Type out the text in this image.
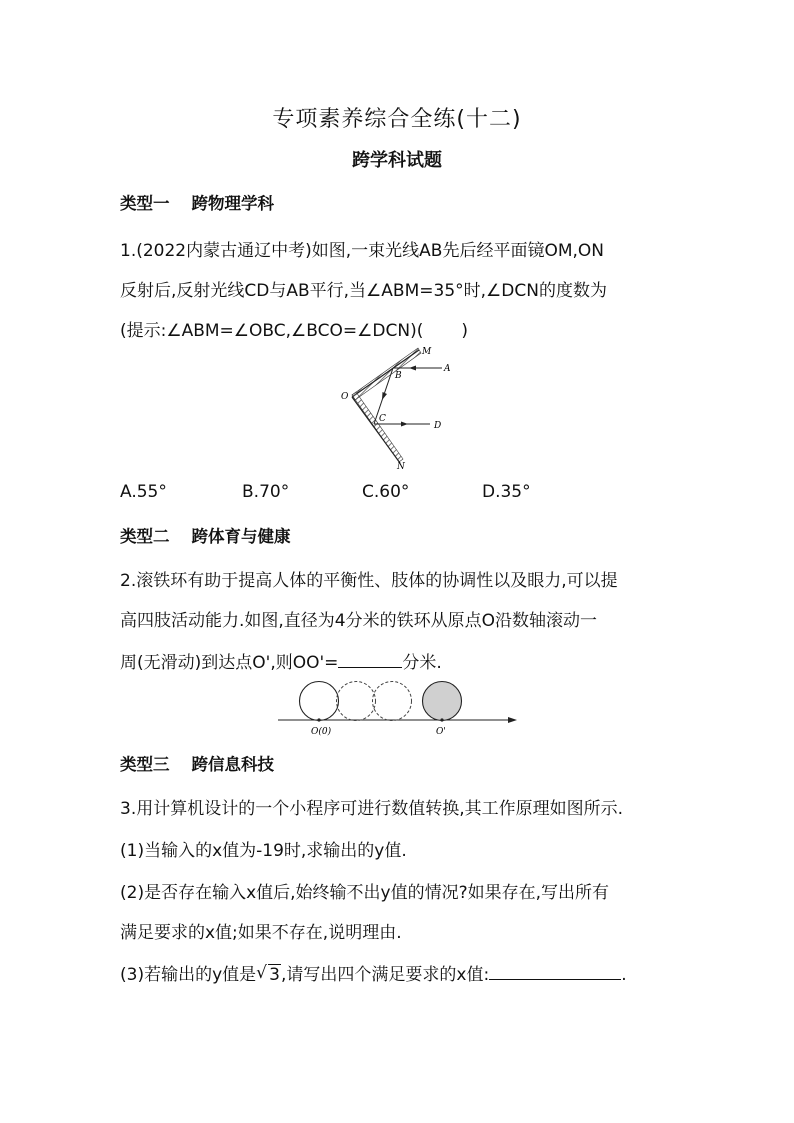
专项素养综合全练(十二)
跨学科试题
类型一 跨物理学科
1.(2022内蒙古通辽中考)如图,一束光线AB先后经平面镜OM,ON
反射后,反射光线CD与AB平行,当∠ABM=35°时,∠DCN的度数为
(提示:∠ABM=∠OBC,∠BCO=∠DCN)( )
M
A
B
O
C
D
N
A.55°	B.70°	C.60°	D.35°
类型二 跨体育与健康
2.滚铁环有助于提高人体的平衡性、肢体的协调性以及眼力,可以提
高四肢活动能力.如图,直径为4分米的铁环从原点O沿数轴滚动一
周(无滑动)到达点O',则OO'=	分米.
O(0)	O'
类型三 跨信息科技
3.用计算机设计的一个小程序可进行数值转换,其工作原理如图所示.
(1)当输入的x值为-19时,求输出的y值.
(2)是否存在输入x值后,始终输不出y值的情况?如果存在,写出所有
满足要求的x值;如果不存在,说明理由.
(3)若输出的y值是 √ 3,请写出四个满足要求的x值:	.
